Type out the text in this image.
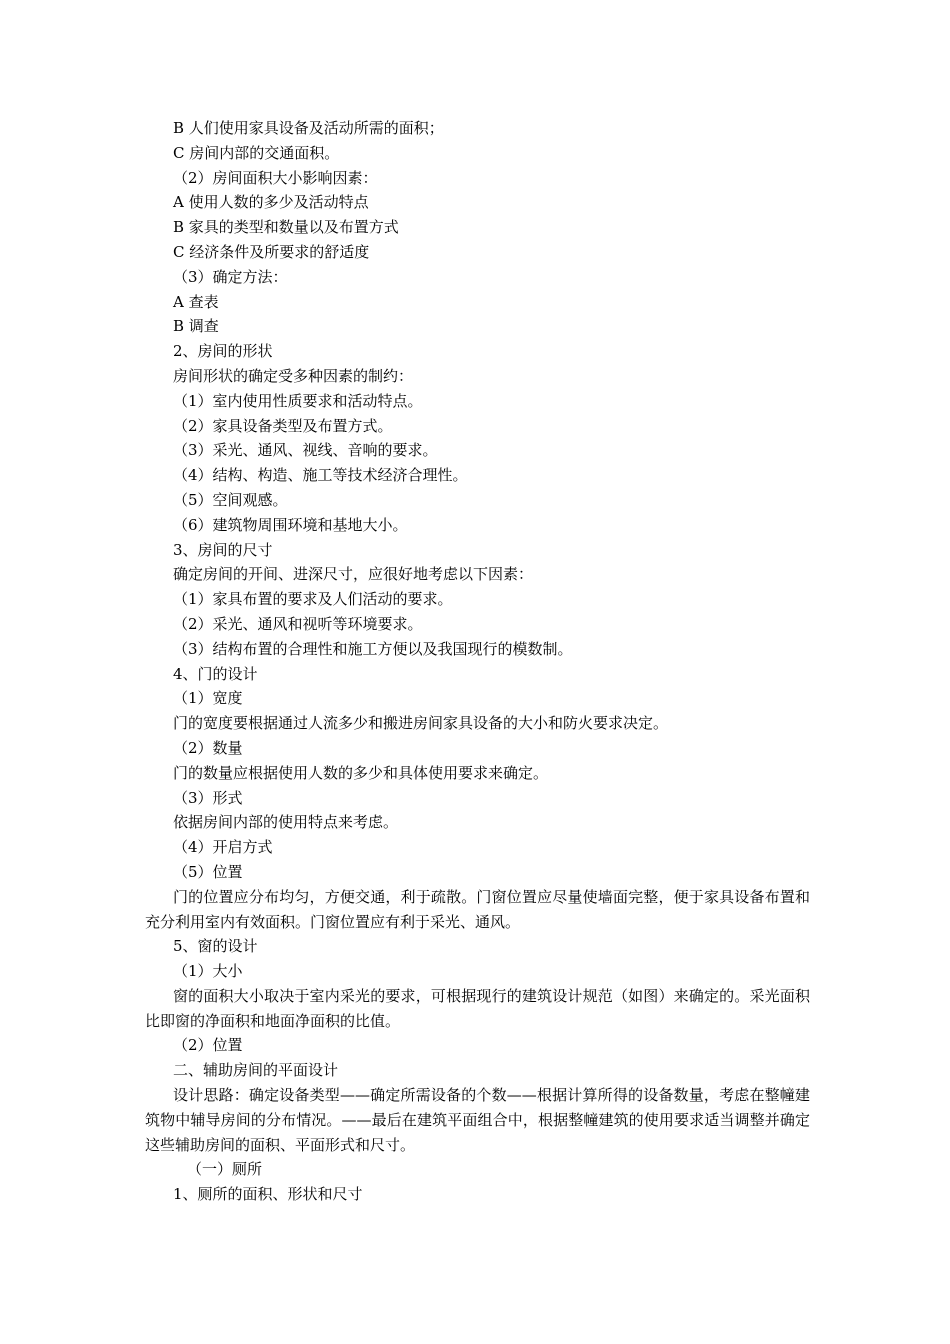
B 人们使用家具设备及活动所需的面积；
C 房间内部的交通面积。
（2）房间面积大小影响因素：
A 使用人数的多少及活动特点
B 家具的类型和数量以及布置方式
C 经济条件及所要求的舒适度
（3）确定方法：
A 查表
B 调查
2、房间的形状
房间形状的确定受多种因素的制约：
（1）室内使用性质要求和活动特点。
（2）家具设备类型及布置方式。
（3）采光、通风、视线、音响的要求。
（4）结构、构造、施工等技术经济合理性。
（5）空间观感。
（6）建筑物周围环境和基地大小。
3、房间的尺寸
确定房间的开间、进深尺寸，应很好地考虑以下因素：
（1）家具布置的要求及人们活动的要求。
（2）采光、通风和视听等环境要求。
（3）结构布置的合理性和施工方便以及我国现行的模数制。
4、门的设计
（1）宽度
门的宽度要根据通过人流多少和搬进房间家具设备的大小和防火要求决定。
（2）数量
门的数量应根据使用人数的多少和具体使用要求来确定。
（3）形式
依据房间内部的使用特点来考虑。
（4）开启方式
（5）位置
门的位置应分布均匀，方便交通，利于疏散。门窗位置应尽量使墙面完整，便于家具设备布置和充分利用室内有效面积。门窗位置应有利于采光、通风。
5、窗的设计
（1）大小
窗的面积大小取决于室内采光的要求，可根据现行的建筑设计规范（如图）来确定的。采光面积比即窗的净面积和地面净面积的比值。
（2）位置
二、辅助房间的平面设计
设计思路：确定设备类型——确定所需设备的个数——根据计算所得的设备数量，考虑在整幢建筑物中辅导房间的分布情况。——最后在建筑平面组合中，根据整幢建筑的使用要求适当调整并确定这些辅助房间的面积、平面形式和尺寸。
（一）厕所
1、厕所的面积、形状和尺寸
